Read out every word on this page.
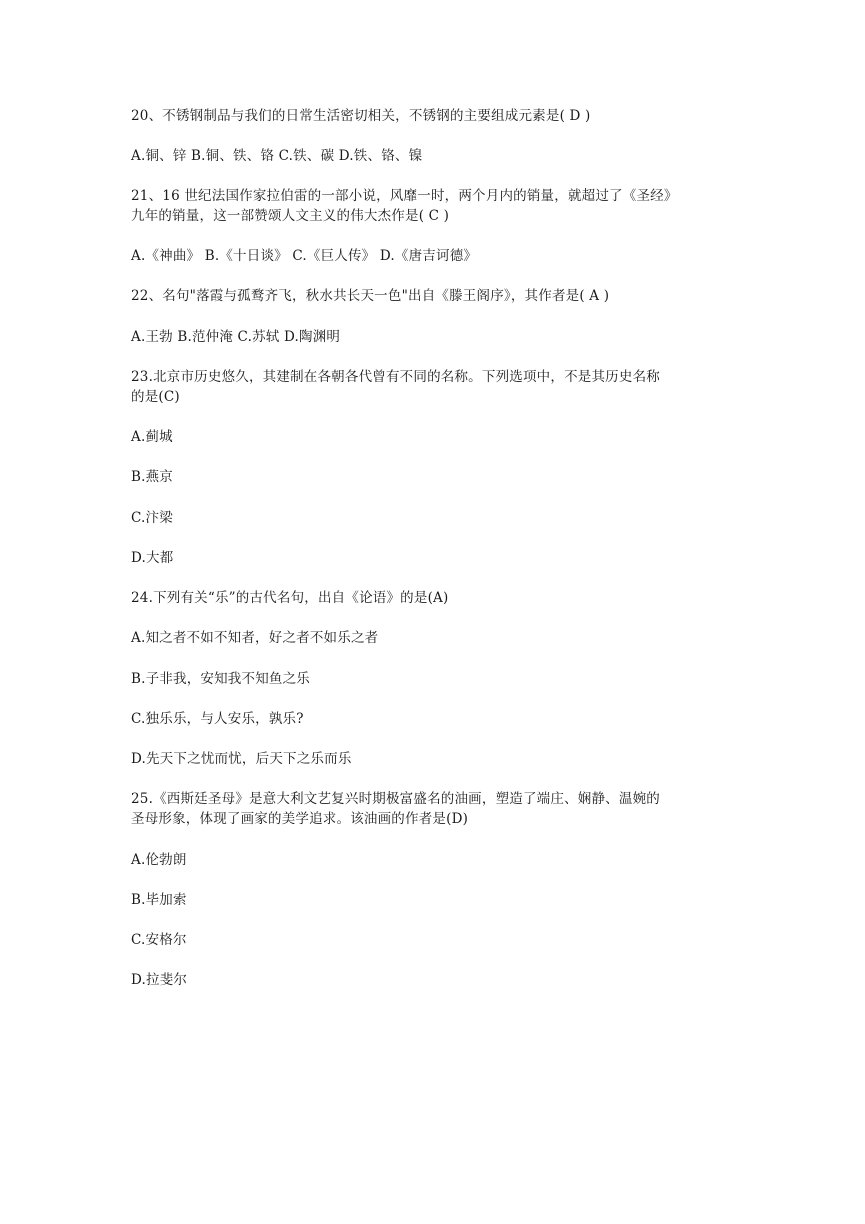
20、不锈钢制品与我们的日常生活密切相关，不锈钢的主要组成元素是( D )
A.铜、锌 B.铜、铁、铬 C.铁、碳 D.铁、铬、镍
21、16 世纪法国作家拉伯雷的一部小说，风靡一时，两个月内的销量，就超过了《圣经》
九年的销量，这一部赞颂人文主义的伟大杰作是( C )
A.《神曲》 B.《十日谈》 C.《巨人传》 D.《唐吉诃德》
22、名句"落霞与孤鹜齐飞，秋水共长天一色"出自《滕王阁序》，其作者是( A )
A.王勃 B.范仲淹 C.苏轼 D.陶渊明
23.北京市历史悠久，其建制在各朝各代曾有不同的名称。下列选项中，不是其历史名称
的是(C)
A.蓟城
B.燕京
C.汴梁
D.大都
24.下列有关“乐”的古代名句，出自《论语》的是(A)
A.知之者不如不知者，好之者不如乐之者
B.子非我，安知我不知鱼之乐
C.独乐乐，与人安乐，孰乐?
D.先天下之忧而忧，后天下之乐而乐
25.《西斯廷圣母》是意大利文艺复兴时期极富盛名的油画，塑造了端庄、娴静、温婉的
圣母形象，体现了画家的美学追求。该油画的作者是(D)
A.伦勃朗
B.毕加索
C.安格尔
D.拉斐尔
